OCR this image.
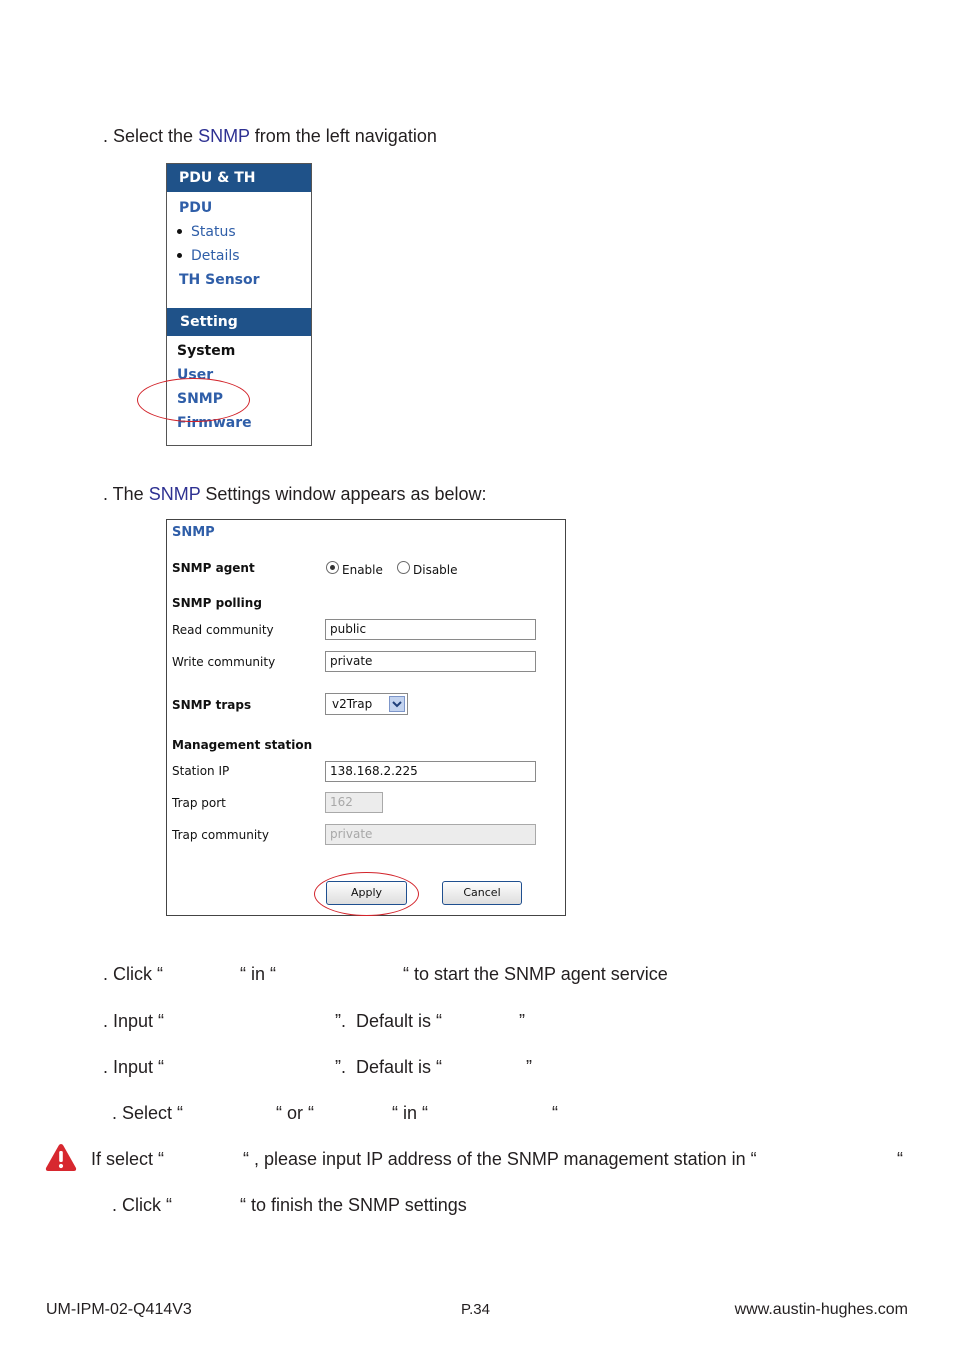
. Select the SNMP from the left navigation
PDU & TH
PDU
Status
Details
TH Sensor
Setting
System
User
SNMP
Firmware
. The SNMP Settings window appears as below:
SNMP
SNMP agent	Enable	Disable
SNMP polling
Read community	public
Write community	private
SNMP traps	v2Trap
Management station
Station IP	138.168.2.225
Trap port	162
Trap community	private
Apply	Cancel
. Click “	“ in “	“ to start the SNMP agent service
. Input “	”.  Default is “	”
. Input “	”.  Default is “	”
. Select “	“ or “	“ in “	“
If select “	“ , please input IP address of the SNMP management station in “	“
. Click “	“ to finish the SNMP settings
UM-IPM-02-Q414V3	P.34	www.austin-hughes.com
